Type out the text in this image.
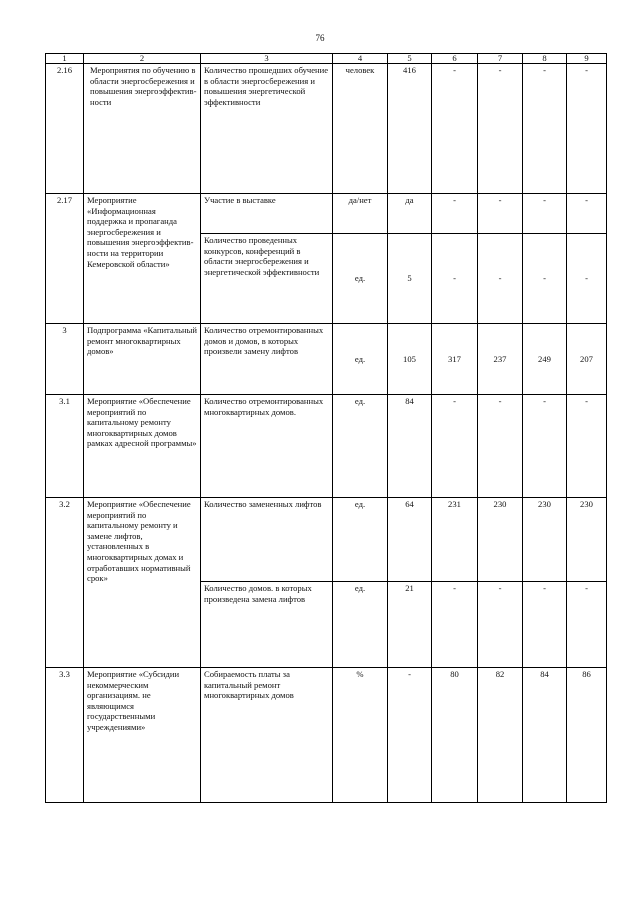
76
1	2	3	4	5	6	7	8	9
2.16	Мероприятия по обучению в области энергосбережения и повышения энергоэффектив-ности	Количество прошедших обучение в области энергосбережения и повышения энергетической эффективности	человек	416	-	-	-	-
2.17	Мероприятие «Информационная поддержка и пропаганда энергосбережения и повышения энергоэффектив-ности на территории Кемеровской области»	Участие в выставке	да/нет	да	-	-	-	-
		Количество проведенных конкурсов, конференций в области энергосбережения и энергетической эффективности	ед.	5	-	-	-	-
3	Подпрограмма «Капитальный ремонт многоквартирных домов»	Количество отремонтированных домов и домов, в которых произвели замену лифтов	ед.	105	317	237	249	207
3.1	Мероприятие «Обеспечение мероприятий по капитальному ремонту многоквартирных домов рамках адресной программы»	Количество отремонтированных многоквартирных домов.	ед.	84	-	-	-	-
3.2	Мероприятие «Обеспечение мероприятий по капитальному ремонту и замене лифтов, установленных в многоквартирных домах и отработавших нормативный срок»	Количество замененных лифтов	ед.	64	231	230	230	230
		Количество домов. в которых произведена замена лифтов	ед.	21	-	-	-	-
3.3	Мероприятие «Субсидии некоммерческим организациям. не являющимся государственными учреждениями»	Собираемость платы за капитальный ремонт многоквартирных домов	%	-	80	82	84	86
